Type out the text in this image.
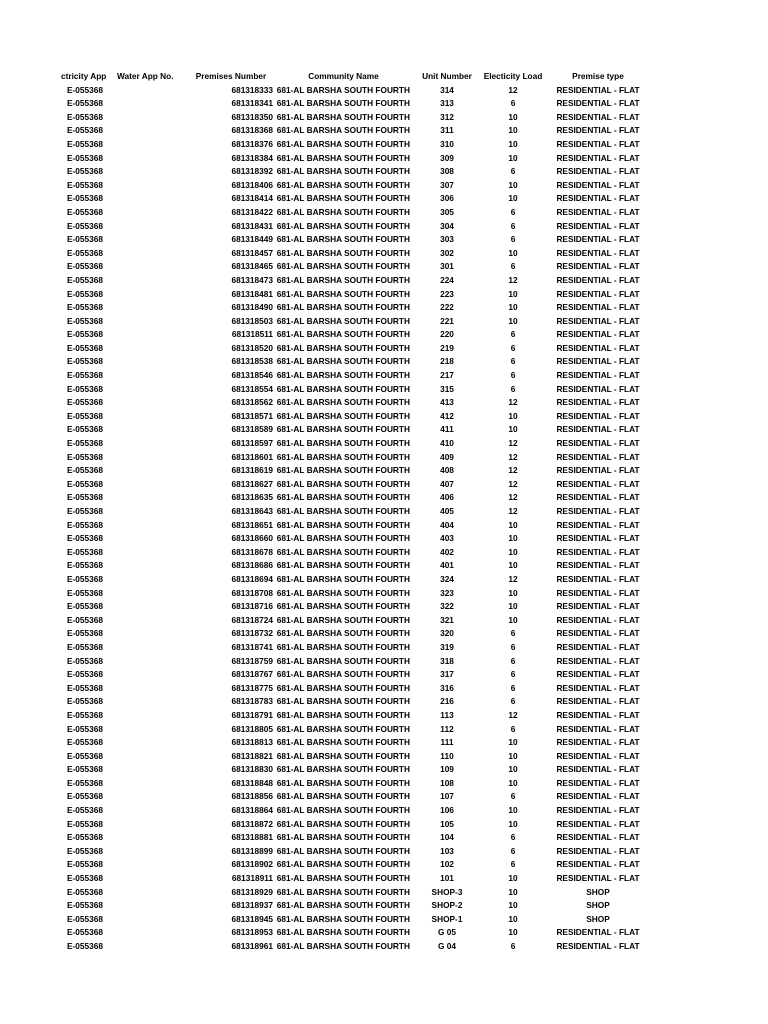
ctricity App	Water App No.	Premises Number	Community Name	Unit Number	Electicity Load	Premise type

E-055368		681318333	681-AL BARSHA SOUTH FOURTH	314	12	RESIDENTIAL - FLAT

E-055368		681318341	681-AL BARSHA SOUTH FOURTH	313	6	RESIDENTIAL - FLAT

E-055368		681318350	681-AL BARSHA SOUTH FOURTH	312	10	RESIDENTIAL - FLAT

E-055368		681318368	681-AL BARSHA SOUTH FOURTH	311	10	RESIDENTIAL - FLAT

E-055368		681318376	681-AL BARSHA SOUTH FOURTH	310	10	RESIDENTIAL - FLAT

E-055368		681318384	681-AL BARSHA SOUTH FOURTH	309	10	RESIDENTIAL - FLAT

E-055368		681318392	681-AL BARSHA SOUTH FOURTH	308	6	RESIDENTIAL - FLAT

E-055368		681318406	681-AL BARSHA SOUTH FOURTH	307	10	RESIDENTIAL - FLAT

E-055368		681318414	681-AL BARSHA SOUTH FOURTH	306	10	RESIDENTIAL - FLAT

E-055368		681318422	681-AL BARSHA SOUTH FOURTH	305	6	RESIDENTIAL - FLAT

E-055368		681318431	681-AL BARSHA SOUTH FOURTH	304	6	RESIDENTIAL - FLAT

E-055368		681318449	681-AL BARSHA SOUTH FOURTH	303	6	RESIDENTIAL - FLAT

E-055368		681318457	681-AL BARSHA SOUTH FOURTH	302	10	RESIDENTIAL - FLAT

E-055368		681318465	681-AL BARSHA SOUTH FOURTH	301	6	RESIDENTIAL - FLAT

E-055368		681318473	681-AL BARSHA SOUTH FOURTH	224	12	RESIDENTIAL - FLAT

E-055368		681318481	681-AL BARSHA SOUTH FOURTH	223	10	RESIDENTIAL - FLAT

E-055368		681318490	681-AL BARSHA SOUTH FOURTH	222	10	RESIDENTIAL - FLAT

E-055368		681318503	681-AL BARSHA SOUTH FOURTH	221	10	RESIDENTIAL - FLAT

E-055368		681318511	681-AL BARSHA SOUTH FOURTH	220	6	RESIDENTIAL - FLAT

E-055368		681318520	681-AL BARSHA SOUTH FOURTH	219	6	RESIDENTIAL - FLAT

E-055368		681318538	681-AL BARSHA SOUTH FOURTH	218	6	RESIDENTIAL - FLAT

E-055368		681318546	681-AL BARSHA SOUTH FOURTH	217	6	RESIDENTIAL - FLAT

E-055368		681318554	681-AL BARSHA SOUTH FOURTH	315	6	RESIDENTIAL - FLAT

E-055368		681318562	681-AL BARSHA SOUTH FOURTH	413	12	RESIDENTIAL - FLAT

E-055368		681318571	681-AL BARSHA SOUTH FOURTH	412	10	RESIDENTIAL - FLAT

E-055368		681318589	681-AL BARSHA SOUTH FOURTH	411	10	RESIDENTIAL - FLAT

E-055368		681318597	681-AL BARSHA SOUTH FOURTH	410	12	RESIDENTIAL - FLAT

E-055368		681318601	681-AL BARSHA SOUTH FOURTH	409	12	RESIDENTIAL - FLAT

E-055368		681318619	681-AL BARSHA SOUTH FOURTH	408	12	RESIDENTIAL - FLAT

E-055368		681318627	681-AL BARSHA SOUTH FOURTH	407	12	RESIDENTIAL - FLAT

E-055368		681318635	681-AL BARSHA SOUTH FOURTH	406	12	RESIDENTIAL - FLAT

E-055368		681318643	681-AL BARSHA SOUTH FOURTH	405	12	RESIDENTIAL - FLAT

E-055368		681318651	681-AL BARSHA SOUTH FOURTH	404	10	RESIDENTIAL - FLAT

E-055368		681318660	681-AL BARSHA SOUTH FOURTH	403	10	RESIDENTIAL - FLAT

E-055368		681318678	681-AL BARSHA SOUTH FOURTH	402	10	RESIDENTIAL - FLAT

E-055368		681318686	681-AL BARSHA SOUTH FOURTH	401	10	RESIDENTIAL - FLAT

E-055368		681318694	681-AL BARSHA SOUTH FOURTH	324	12	RESIDENTIAL - FLAT

E-055368		681318708	681-AL BARSHA SOUTH FOURTH	323	10	RESIDENTIAL - FLAT

E-055368		681318716	681-AL BARSHA SOUTH FOURTH	322	10	RESIDENTIAL - FLAT

E-055368		681318724	681-AL BARSHA SOUTH FOURTH	321	10	RESIDENTIAL - FLAT

E-055368		681318732	681-AL BARSHA SOUTH FOURTH	320	6	RESIDENTIAL - FLAT

E-055368		681318741	681-AL BARSHA SOUTH FOURTH	319	6	RESIDENTIAL - FLAT

E-055368		681318759	681-AL BARSHA SOUTH FOURTH	318	6	RESIDENTIAL - FLAT

E-055368		681318767	681-AL BARSHA SOUTH FOURTH	317	6	RESIDENTIAL - FLAT

E-055368		681318775	681-AL BARSHA SOUTH FOURTH	316	6	RESIDENTIAL - FLAT

E-055368		681318783	681-AL BARSHA SOUTH FOURTH	216	6	RESIDENTIAL - FLAT

E-055368		681318791	681-AL BARSHA SOUTH FOURTH	113	12	RESIDENTIAL - FLAT

E-055368		681318805	681-AL BARSHA SOUTH FOURTH	112	6	RESIDENTIAL - FLAT

E-055368		681318813	681-AL BARSHA SOUTH FOURTH	111	10	RESIDENTIAL - FLAT

E-055368		681318821	681-AL BARSHA SOUTH FOURTH	110	10	RESIDENTIAL - FLAT

E-055368		681318830	681-AL BARSHA SOUTH FOURTH	109	10	RESIDENTIAL - FLAT

E-055368		681318848	681-AL BARSHA SOUTH FOURTH	108	10	RESIDENTIAL - FLAT

E-055368		681318856	681-AL BARSHA SOUTH FOURTH	107	6	RESIDENTIAL - FLAT

E-055368		681318864	681-AL BARSHA SOUTH FOURTH	106	10	RESIDENTIAL - FLAT

E-055368		681318872	681-AL BARSHA SOUTH FOURTH	105	10	RESIDENTIAL - FLAT

E-055368		681318881	681-AL BARSHA SOUTH FOURTH	104	6	RESIDENTIAL - FLAT

E-055368		681318899	681-AL BARSHA SOUTH FOURTH	103	6	RESIDENTIAL - FLAT

E-055368		681318902	681-AL BARSHA SOUTH FOURTH	102	6	RESIDENTIAL - FLAT

E-055368		681318911	681-AL BARSHA SOUTH FOURTH	101	10	RESIDENTIAL - FLAT

E-055368		681318929	681-AL BARSHA SOUTH FOURTH	SHOP-3	10	SHOP

E-055368		681318937	681-AL BARSHA SOUTH FOURTH	SHOP-2	10	SHOP

E-055368		681318945	681-AL BARSHA SOUTH FOURTH	SHOP-1	10	SHOP

E-055368		681318953	681-AL BARSHA SOUTH FOURTH	G 05	10	RESIDENTIAL - FLAT

E-055368		681318961	681-AL BARSHA SOUTH FOURTH	G 04	6	RESIDENTIAL - FLAT
